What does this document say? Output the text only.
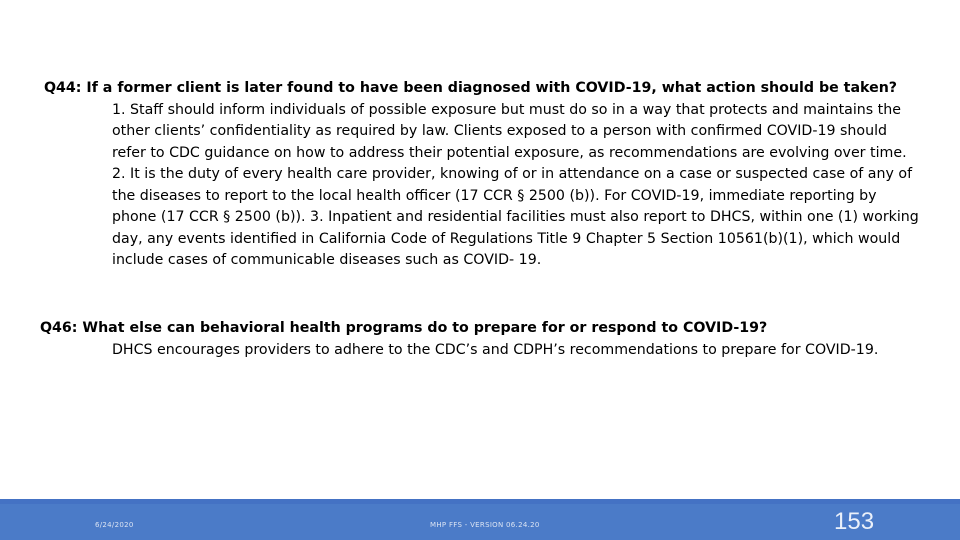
Q44: If a former client is later found to have been diagnosed with COVID-19, what action should be taken?

1. Staff should inform individuals of possible exposure but must do so in a way that protects and maintains the other clients’ confidentiality as required by law. Clients exposed to a person with confirmed COVID-19 should refer to CDC guidance on how to address their potential exposure, as recommendations are evolving over time.

2. It is the duty of every health care provider, knowing of or in attendance on a case or suspected case of any of the diseases to report to the local health officer (17 CCR § 2500 (b)). For COVID-19, immediate reporting by phone (17 CCR § 2500 (b)). 3. Inpatient and residential facilities must also report to DHCS, within one (1) working day, any events identified in California Code of Regulations Title 9 Chapter 5 Section 10561(b)(1), which would include cases of communicable diseases such as COVID- 19.

Q46: What else can behavioral health programs do to prepare for or respond to COVID-19?

DHCS encourages providers to adhere to the CDC’s and CDPH’s recommendations to prepare for COVID-19.

6/24/2020	MHP FFS - VERSION 06.24.20	153
